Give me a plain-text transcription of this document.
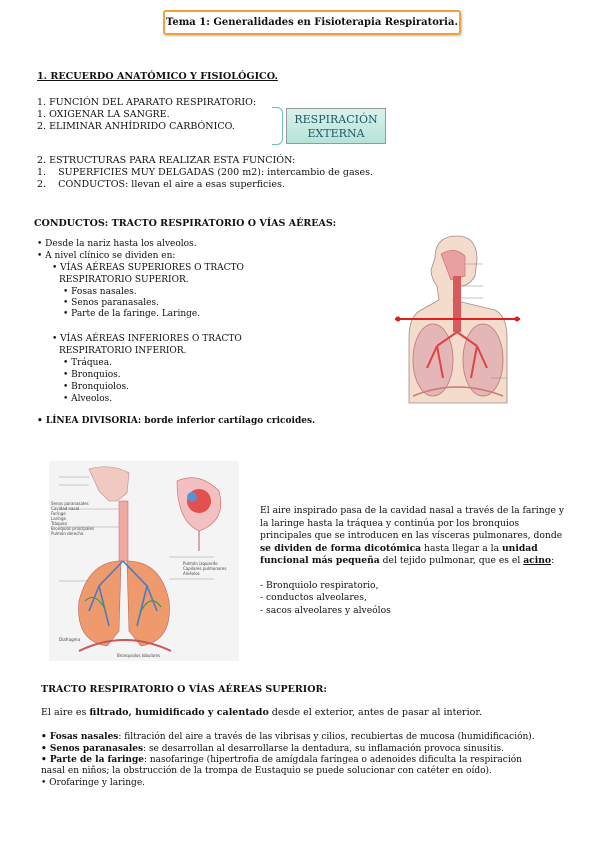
Tema 1: Generalidades en Fisioterapia Respiratoria.
1. RECUERDO ANATÓMICO Y FISIOLÓGICO.
1. FUNCIÓN DEL APARATO RESPIRATORIO:
1. OXIGENAR LA SANGRE.
2. ELIMINAR ANHÍDRIDO CARBÓNICO.
RESPIRACIÓN
EXTERNA
2. ESTRUCTURAS PARA REALIZAR ESTA FUNCIÓN:
1. SUPERFICIES MUY DELGADAS (200 m2): intercambio de gases.
2. CONDUCTOS: llevan el aire a esas superficies.
CONDUCTOS: TRACTO RESPIRATORIO O VÍAS AÉREAS:
• Desde la nariz hasta los alveolos.
• A nivel clínico se dividen en:
• VÍAS AÉREAS SUPERIORES O TRACTO
RESPIRATORIO SUPERIOR.
• Fosas nasales.
• Senos paranasales.
• Parte de la faringe. Laringe.
• VÍAS AÉREAS INFERIORES O TRACTO
RESPIRATORIO INFERIOR.
• Tráquea.
• Bronquios.
• Bronquiolos.
• Alveolos.
• LÍNEA DIVISORIA: borde inferior cartílago cricoides.
Senos paranasales
Cavidad nasal
Faringe
Laringe
Tráquea
Bronquios principales
Pulmón derecho
Pulmón izquierdo
Capilares pulmonares
Alvéolos
Diafragma
Bronquiolos lobulares
El aire inspirado pasa de la cavidad nasal a través de la faringe y
la laringe hasta la tráquea y continúa por los bronquios
principales que se introducen en las vísceras pulmonares, donde
se dividen de forma dicotómica hasta llegar a la unidad
funcional más pequeña del tejido pulmonar, que es el acino:
- Bronquiolo respiratorio,
- conductos alveolares,
- sacos alveolares y alveólos
TRACTO RESPIRATORIO O VÍAS AÉREAS SUPERIOR:
El aire es filtrado, humidificado y calentado desde el exterior, antes de pasar al interior.
• Fosas nasales: filtración del aire a través de las vibrisas y cilios, recubiertas de mucosa (humidificación).
• Senos paranasales: se desarrollan al desarrollarse la dentadura, su inflamación provoca sinusitis.
• Parte de la faringe: nasofaringe (hipertrofia de amígdala faríngea o adenoides dificulta la respiración
nasal en niños; la obstrucción de la trompa de Eustaquio se puede solucionar con catéter en oído).
• Orofaringe y laringe.
